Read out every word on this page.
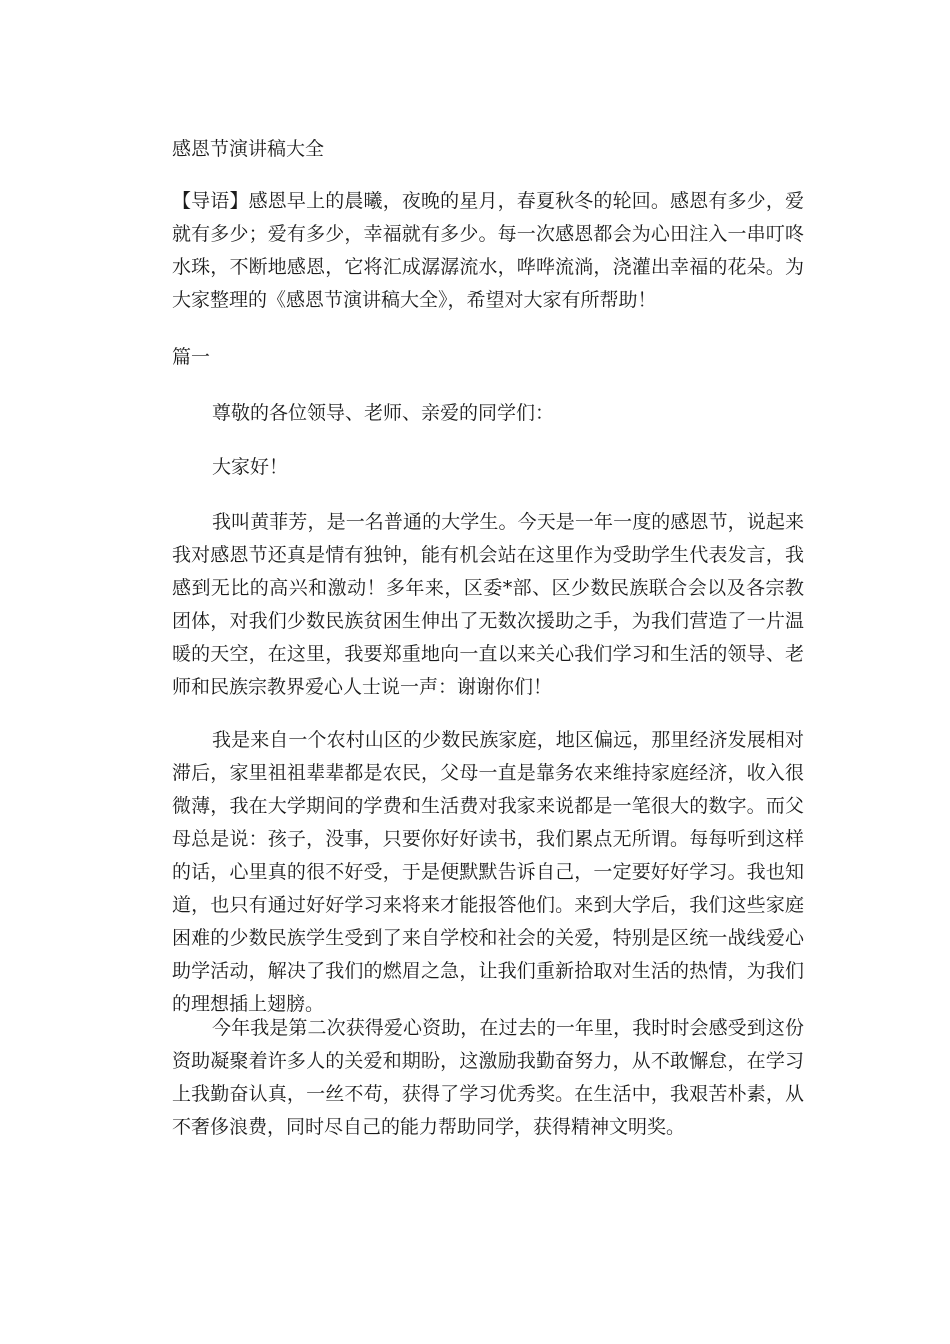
感恩节演讲稿大全

【导语】感恩早上的晨曦，夜晚的星月，春夏秋冬的轮回。感恩有多少，爱就有多少；爱有多少，幸福就有多少。每一次感恩都会为心田注入一串叮咚水珠，不断地感恩，它将汇成潺潺流水，哗哗流淌，浇灌出幸福的花朵。为大家整理的《感恩节演讲稿大全》，希望对大家有所帮助！

篇一

尊敬的各位领导、老师、亲爱的同学们：

大家好！

我叫黄菲芳，是一名普通的大学生。今天是一年一度的感恩节，说起来我对感恩节还真是情有独钟，能有机会站在这里作为受助学生代表发言，我感到无比的高兴和激动！多年来，区委*部、区少数民族联合会以及各宗教团体，对我们少数民族贫困生伸出了无数次援助之手，为我们营造了一片温暖的天空，在这里，我要郑重地向一直以来关心我们学习和生活的领导、老师和民族宗教界爱心人士说一声：谢谢你们！

我是来自一个农村山区的少数民族家庭，地区偏远，那里经济发展相对滞后，家里祖祖辈辈都是农民，父母一直是靠务农来维持家庭经济，收入很微薄，我在大学期间的学费和生活费对我家来说都是一笔很大的数字。而父母总是说：孩子，没事，只要你好好读书，我们累点无所谓。每每听到这样的话，心里真的很不好受，于是便默默告诉自己，一定要好好学习。我也知道，也只有通过好好学习来将来才能报答他们。来到大学后，我们这些家庭困难的少数民族学生受到了来自学校和社会的关爱，特别是区统一战线爱心助学活动，解决了我们的燃眉之急，让我们重新拾取对生活的热情，为我们的理想插上翅膀。

今年我是第二次获得爱心资助，在过去的一年里，我时时会感受到这份资助凝聚着许多人的关爱和期盼，这激励我勤奋努力，从不敢懈怠，在学习上我勤奋认真，一丝不苟，获得了学习优秀奖。在生活中，我艰苦朴素，从不奢侈浪费，同时尽自己的能力帮助同学，获得精神文明奖。
